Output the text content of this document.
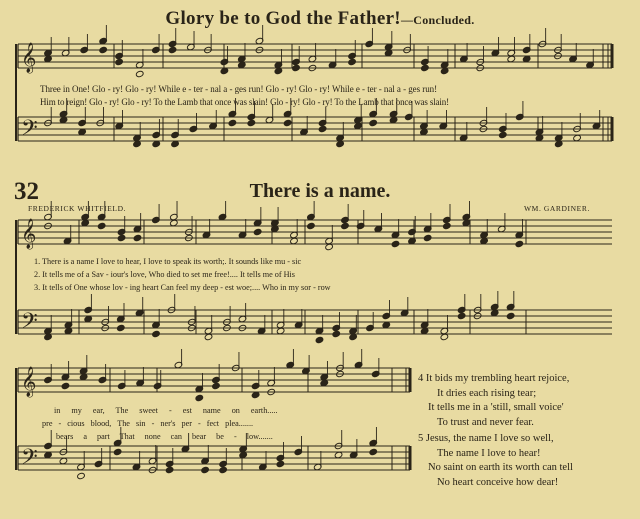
𝄞
𝄢
𝄞
𝄢
𝄞
𝄢
Glory be to God the Father!—Concluded.
Three in One! Glo - ry! Glo - ry! While e - ter - nal a - ges run! Glo - ry! Glo - ry! While e - ter - nal a - ges run!
Him to reign! Glo - ry! Glo - ry! To the Lamb that once was slain! Glo - ry! Glo - ry! To the Lamb that once was slain!
32	There is a name.
FREDERICK WHITFIELD.	WM. GARDINER.
1. There is a name I love to hear, I love to speak its worth;. It sounds like mu - sic
2. It tells me of a Sav - iour's love, Who died to set me free!.... It tells me of His
3. It tells of One whose lov - ing heart Can feel my deep - est woe;.... Who in my sor - row
in my ear, The sweet - est name on earth.....
pre - cious blood, The sin - ner's per - fect plea.......
bears a part That none can bear be - low.......
4 It bids my trembling heart rejoice,
It dries each rising tear;
It tells me in a 'still, small voice'
To trust and never fear.
5 Jesus, the name I love so well,
The name I love to hear!
No saint on earth its worth can tell
No heart conceive how dear!
